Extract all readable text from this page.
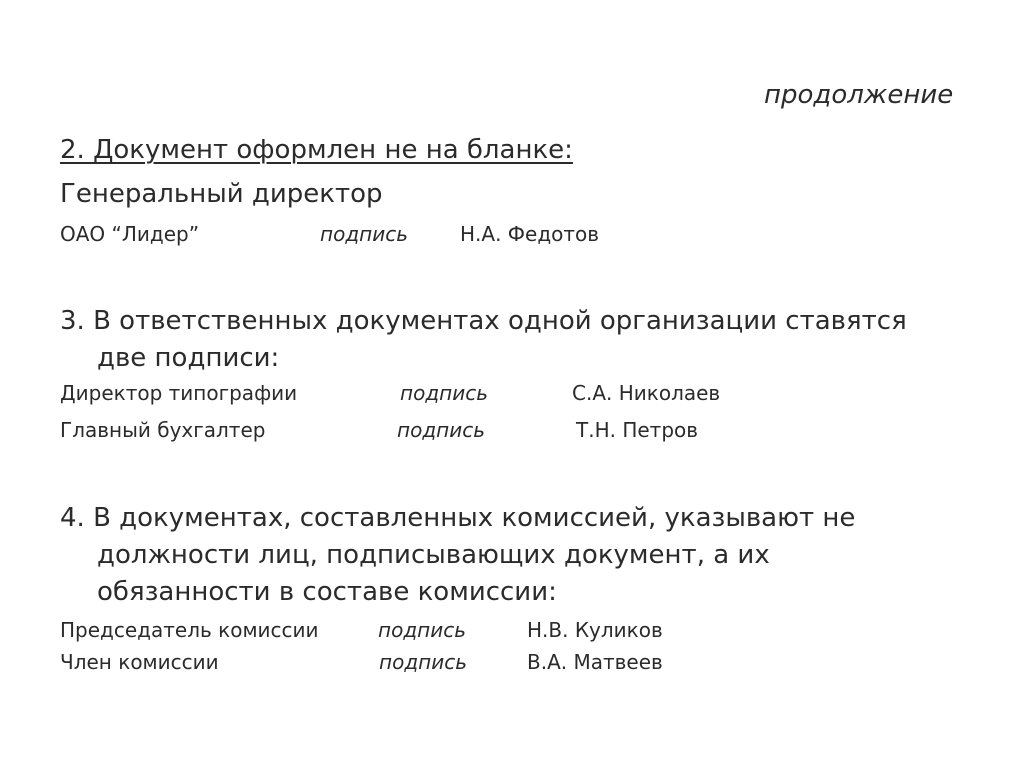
продолжение
2. Документ оформлен не на бланке:
Генеральный директор
ОАО “Лидер”	подпись	Н.А. Федотов
3. В ответственных документах одной организации ставятся
две подписи:
Директор типографии	подпись	С.А. Николаев
Главный бухгалтер	подпись	Т.Н. Петров
4. В документах, составленных комиссией, указывают не
должности лиц, подписывающих документ, а их
обязанности в составе комиссии:
Председатель комиссии	подпись	Н.В. Куликов
Член комиссии	подпись	В.А. Матвеев
